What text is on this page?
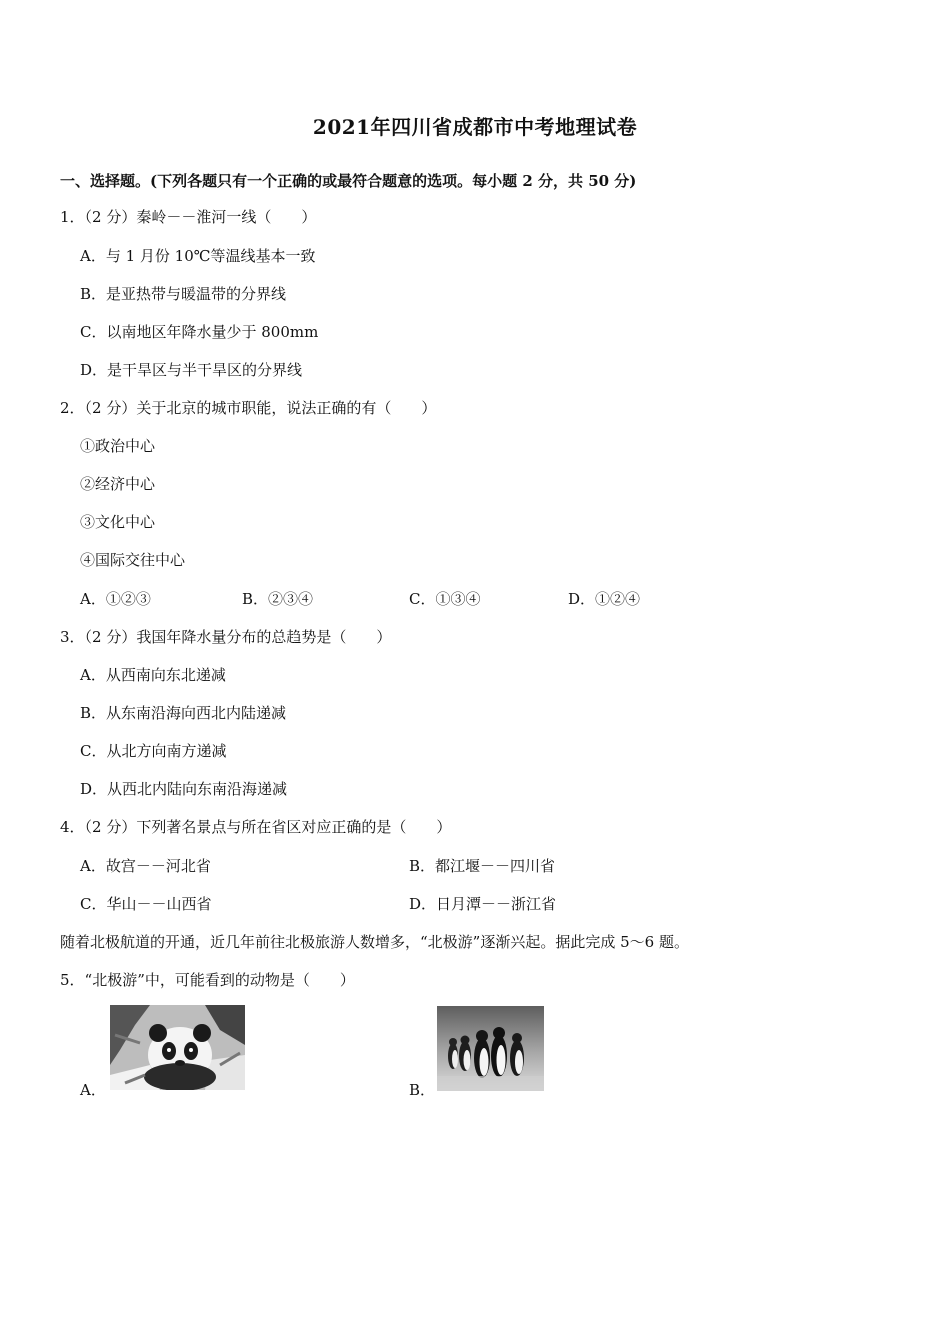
2021年四川省成都市中考地理试卷
一、选择题。(下列各题只有一个正确的或最符合题意的选项。每小题 2 分，共 50 分)
1．（2 分）秦岭－－淮河一线（　　）
A．与 1 月份 10℃等温线基本一致
B．是亚热带与暖温带的分界线
C．以南地区年降水量少于 800mm
D．是干旱区与半干旱区的分界线
2．（2 分）关于北京的城市职能，说法正确的有（　　）
①政治中心
②经济中心
③文化中心
④国际交往中心
A．①②③	B．②③④	C．①③④	D．①②④
3．（2 分）我国年降水量分布的总趋势是（　　）
A．从西南向东北递减
B．从东南沿海向西北内陆递减
C．从北方向南方递减
D．从西北内陆向东南沿海递减
4．（2 分）下列著名景点与所在省区对应正确的是（　　）
A．故宫－－河北省	B．都江堰－－四川省
C．华山－－山西省	D．日月潭－－浙江省
随着北极航道的开通，近几年前往北极旅游人数增多，“北极游”逐渐兴起。据此完成 5～6 题。
5．“北极游”中，可能看到的动物是（　　）
A．	B．
